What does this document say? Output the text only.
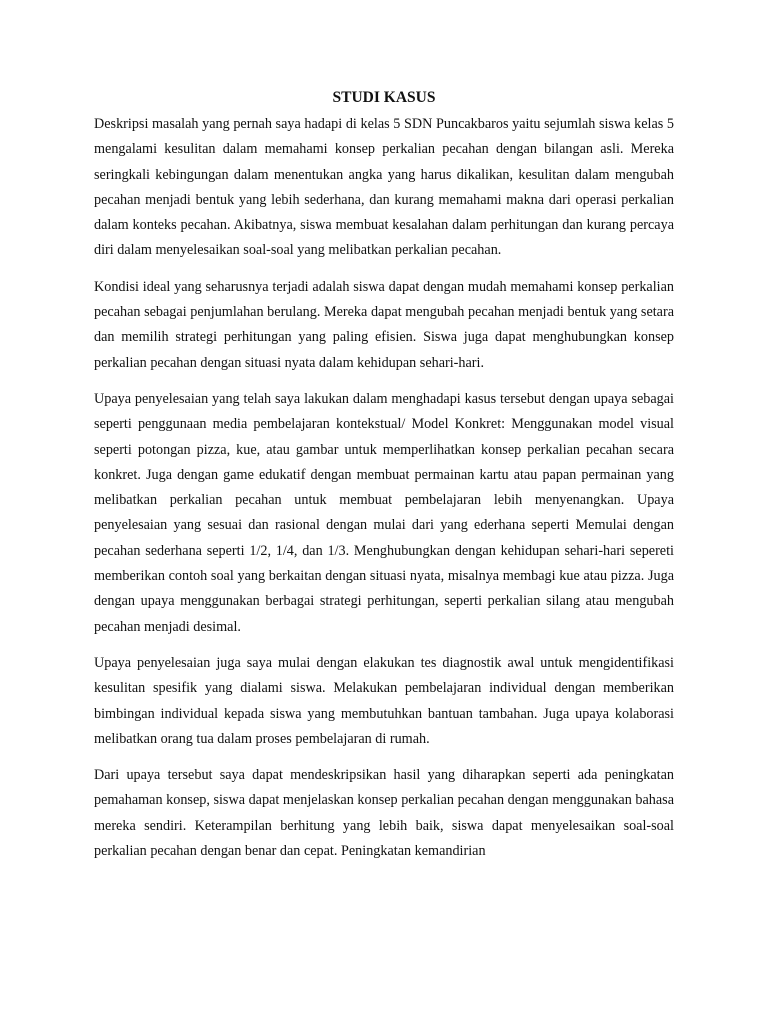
STUDI KASUS

Deskripsi masalah yang pernah saya hadapi di kelas 5 SDN Puncakbaros yaitu sejumlah siswa kelas 5 mengalami kesulitan dalam memahami konsep perkalian pecahan dengan bilangan asli. Mereka seringkali kebingungan dalam menentukan angka yang harus dikalikan, kesulitan dalam mengubah pecahan menjadi bentuk yang lebih sederhana, dan kurang memahami makna dari operasi perkalian dalam konteks pecahan. Akibatnya, siswa membuat kesalahan dalam perhitungan dan kurang percaya diri dalam menyelesaikan soal-soal yang melibatkan perkalian pecahan.

Kondisi ideal yang seharusnya terjadi adalah siswa dapat dengan mudah memahami konsep perkalian pecahan sebagai penjumlahan berulang. Mereka dapat mengubah pecahan menjadi bentuk yang setara dan memilih strategi perhitungan yang paling efisien. Siswa juga dapat menghubungkan konsep perkalian pecahan dengan situasi nyata dalam kehidupan sehari-hari.

Upaya penyelesaian yang telah saya lakukan dalam menghadapi kasus tersebut dengan upaya sebagai seperti penggunaan media pembelajaran kontekstual/ Model Konkret: Menggunakan model visual seperti potongan pizza, kue, atau gambar untuk memperlihatkan konsep perkalian pecahan secara konkret. Juga dengan game edukatif dengan membuat permainan kartu atau papan permainan yang melibatkan perkalian pecahan untuk membuat pembelajaran lebih menyenangkan. Upaya penyelesaian yang sesuai dan rasional dengan mulai dari yang ederhana seperti Memulai dengan pecahan sederhana seperti 1/2, 1/4, dan 1/3. Menghubungkan dengan kehidupan sehari-hari sepereti memberikan contoh soal yang berkaitan dengan situasi nyata, misalnya membagi kue atau pizza. Juga dengan upaya menggunakan berbagai strategi perhitungan, seperti perkalian silang atau mengubah pecahan menjadi desimal.

Upaya penyelesaian juga saya mulai dengan elakukan tes diagnostik awal untuk mengidentifikasi kesulitan spesifik yang dialami siswa. Melakukan pembelajaran individual dengan memberikan bimbingan individual kepada siswa yang membutuhkan bantuan tambahan. Juga upaya kolaborasi melibatkan orang tua dalam proses pembelajaran di rumah.

Dari upaya tersebut saya dapat mendeskripsikan hasil yang diharapkan seperti ada peningkatan pemahaman konsep, siswa dapat menjelaskan konsep perkalian pecahan dengan menggunakan bahasa mereka sendiri. Keterampilan berhitung yang lebih baik, siswa dapat menyelesaikan soal-soal perkalian pecahan dengan benar dan cepat. Peningkatan kemandirian
